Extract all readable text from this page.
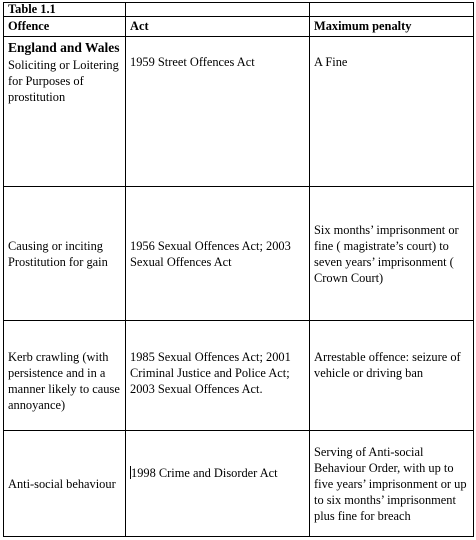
Table 1.1		
Offence	Act	Maximum penalty

England and Wales
Soliciting or Loitering for Purposes of prostitution	1959 Street Offences Act	A Fine

Causing or inciting Prostitution for gain	1956 Sexual Offences Act; 2003 Sexual Offences Act	Six months’ imprisonment or fine ( magistrate’s court) to seven years’ imprisonment ( Crown Court)

Kerb crawling (with persistence and in a manner likely to cause annoyance)	1985 Sexual Offences Act; 2001 Criminal Justice and Police Act; 2003 Sexual Offences Act.	Arrestable offence: seizure of vehicle or driving ban

Anti-social behaviour	1998 Crime and Disorder Act	Serving of Anti-social Behaviour Order, with up to five years’ imprisonment or up to six months’ imprisonment plus fine for breach
